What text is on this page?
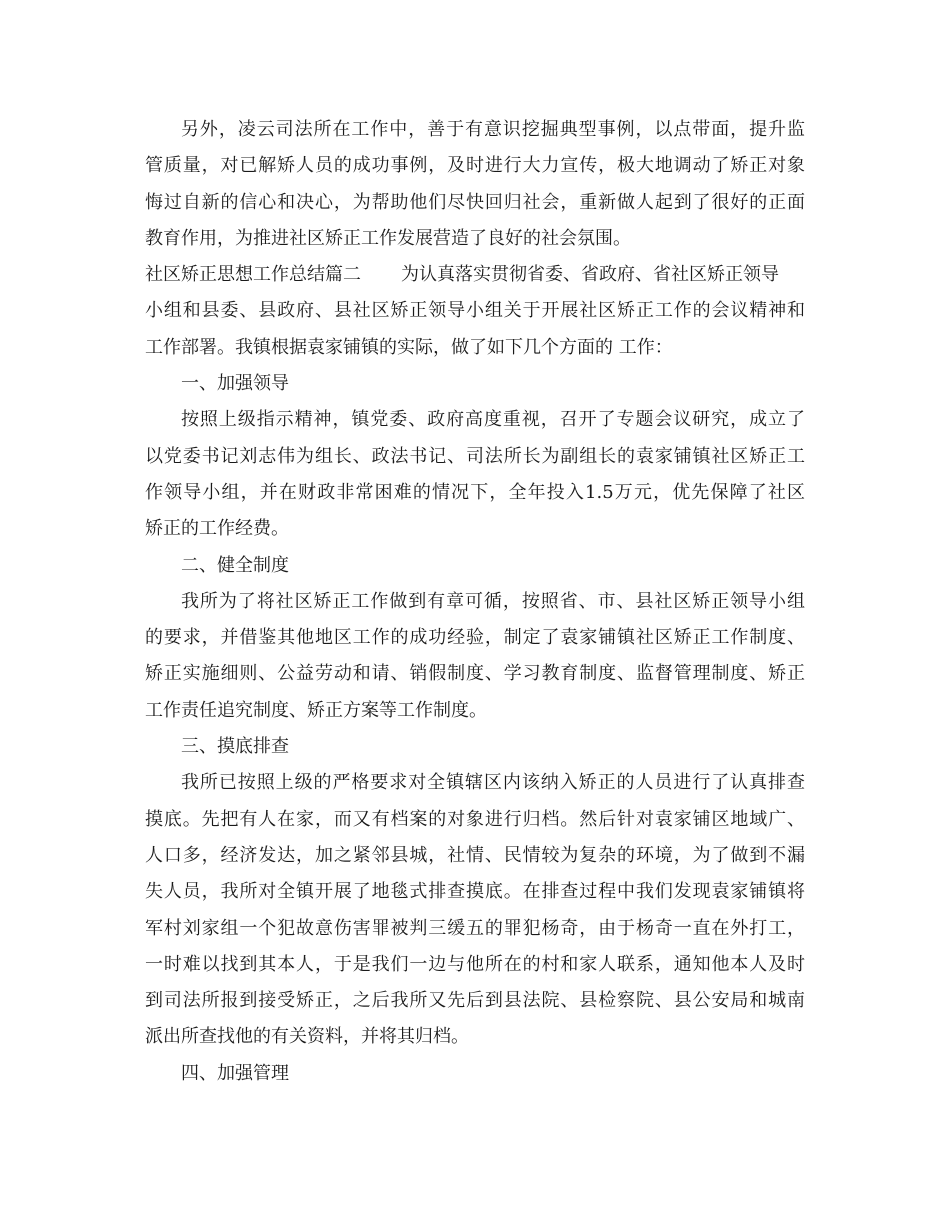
另外，凌云司法所在工作中，善于有意识挖掘典型事例，以点带面，提升监
管质量，对已解矫人员的成功事例，及时进行大力宣传，极大地调动了矫正对象
悔过自新的信心和决心，为帮助他们尽快回归社会，重新做人起到了很好的正面
教育作用，为推进社区矫正工作发展营造了良好的社会氛围。
社区矫正思想工作总结篇二 为认真落实贯彻省委、省政府、省社区矫正领导
小组和县委、县政府、县社区矫正领导小组关于开展社区矫正工作的会议精神和
工作部署。我镇根据袁家铺镇的实际，做了如下几个方面的 工作：
一、加强领导
按照上级指示精神，镇党委、政府高度重视，召开了专题会议研究，成立了
以党委书记刘志伟为组长、政法书记、司法所长为副组长的袁家铺镇社区矫正工
作领导小组，并在财政非常困难的情况下，全年投入1.5万元，优先保障了社区
矫正的工作经费。
二、健全制度
我所为了将社区矫正工作做到有章可循，按照省、市、县社区矫正领导小组
的要求，并借鉴其他地区工作的成功经验，制定了袁家铺镇社区矫正工作制度、
矫正实施细则、公益劳动和请、销假制度、学习教育制度、监督管理制度、矫正
工作责任追究制度、矫正方案等工作制度。
三、摸底排查
我所已按照上级的严格要求对全镇辖区内该纳入矫正的人员进行了认真排查
摸底。先把有人在家，而又有档案的对象进行归档。然后针对袁家铺区地域广、
人口多，经济发达，加之紧邻县城，社情、民情较为复杂的环境，为了做到不漏
失人员，我所对全镇开展了地毯式排查摸底。在排查过程中我们发现袁家铺镇将
军村刘家组一个犯故意伤害罪被判三缓五的罪犯杨奇，由于杨奇一直在外打工，
一时难以找到其本人，于是我们一边与他所在的村和家人联系，通知他本人及时
到司法所报到接受矫正，之后我所又先后到县法院、县检察院、县公安局和城南
派出所查找他的有关资料，并将其归档。
四、加强管理
